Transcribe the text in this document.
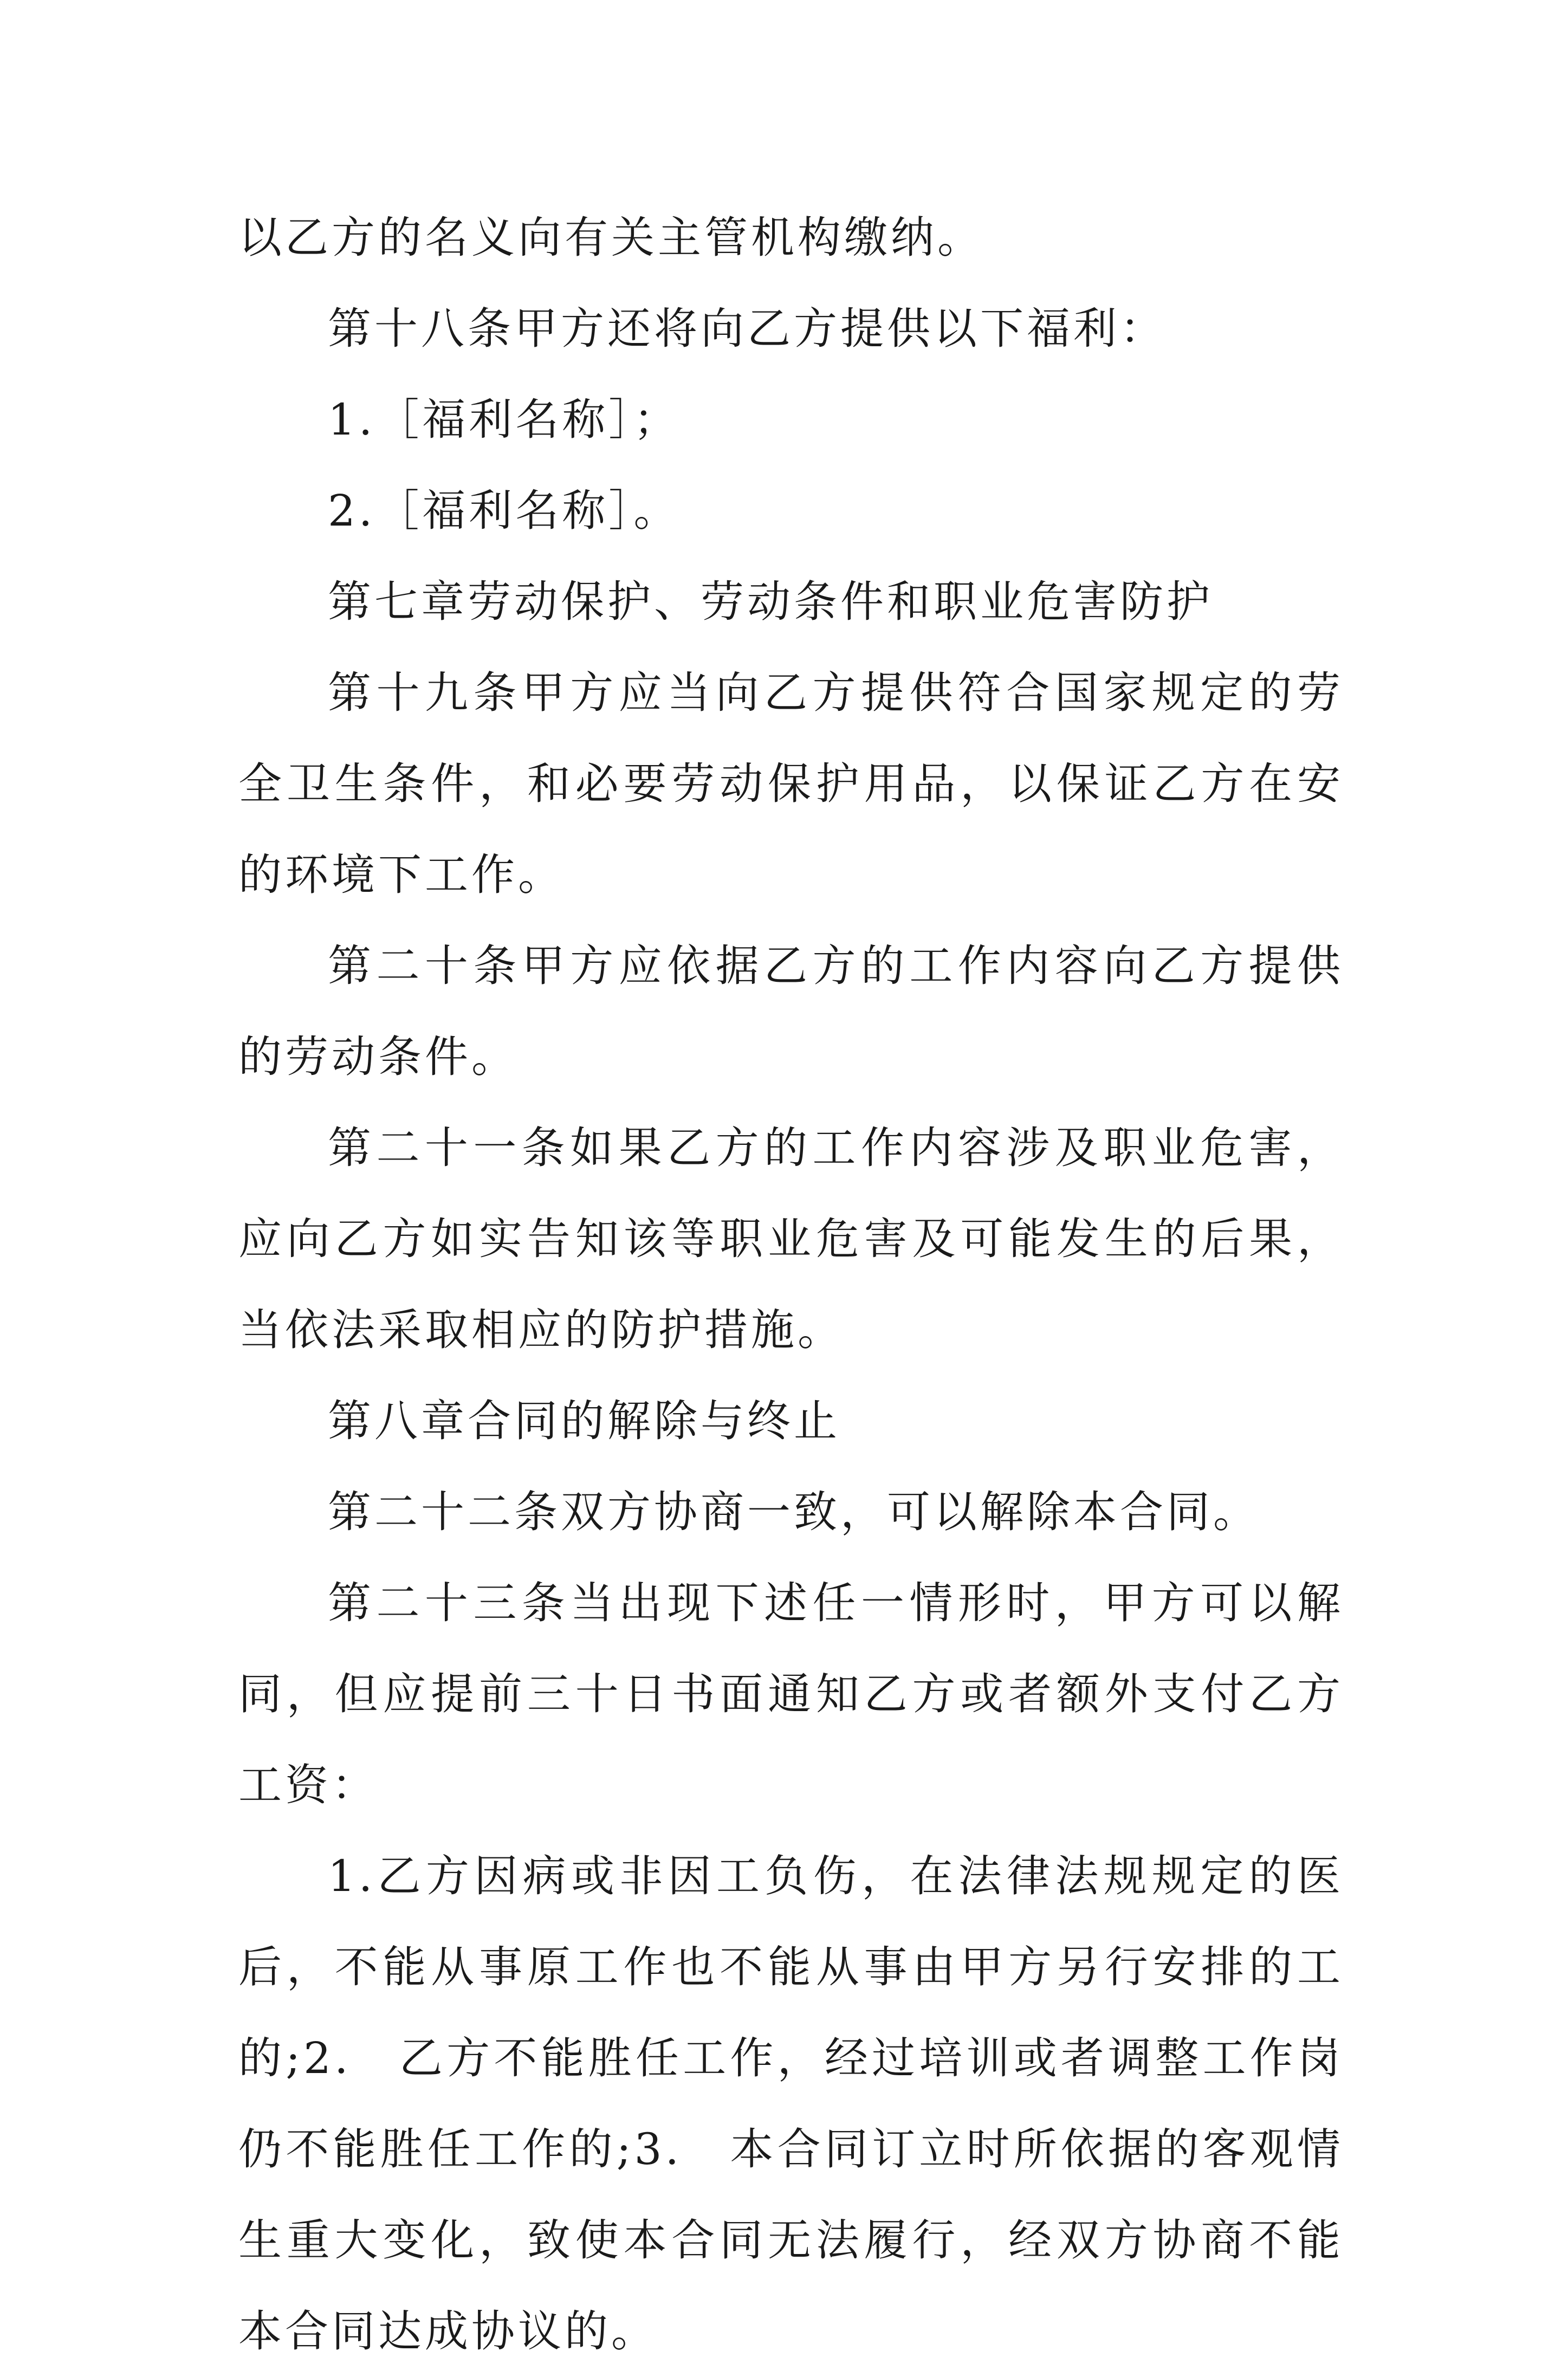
以乙方的名义向有关主管机构缴纳。
第十八条甲方还将向乙方提供以下福利：
1.［福利名称］；
2.［福利名称］。
第七章劳动保护、劳动条件和职业危害防护
第十九条甲方应当向乙方提供符合国家规定的劳
全卫生条件，和必要劳动保护用品，以保证乙方在安
的环境下工作。
第二十条甲方应依据乙方的工作内容向乙方提供
的劳动条件。
第二十一条如果乙方的工作内容涉及职业危害，
应向乙方如实告知该等职业危害及可能发生的后果，
当依法采取相应的防护措施。
第八章合同的解除与终止
第二十二条双方协商一致，可以解除本合同。
第二十三条当出现下述任一情形时，甲方可以解
同，但应提前三十日书面通知乙方或者额外支付乙方
工资：
1.乙方因病或非因工负伤，在法律法规规定的医
后，不能从事原工作也不能从事由甲方另行安排的工
的;2.　乙方不能胜任工作，经过培训或者调整工作岗
仍不能胜任工作的;3.　本合同订立时所依据的客观情
生重大变化，致使本合同无法履行，经双方协商不能
本合同达成协议的。
